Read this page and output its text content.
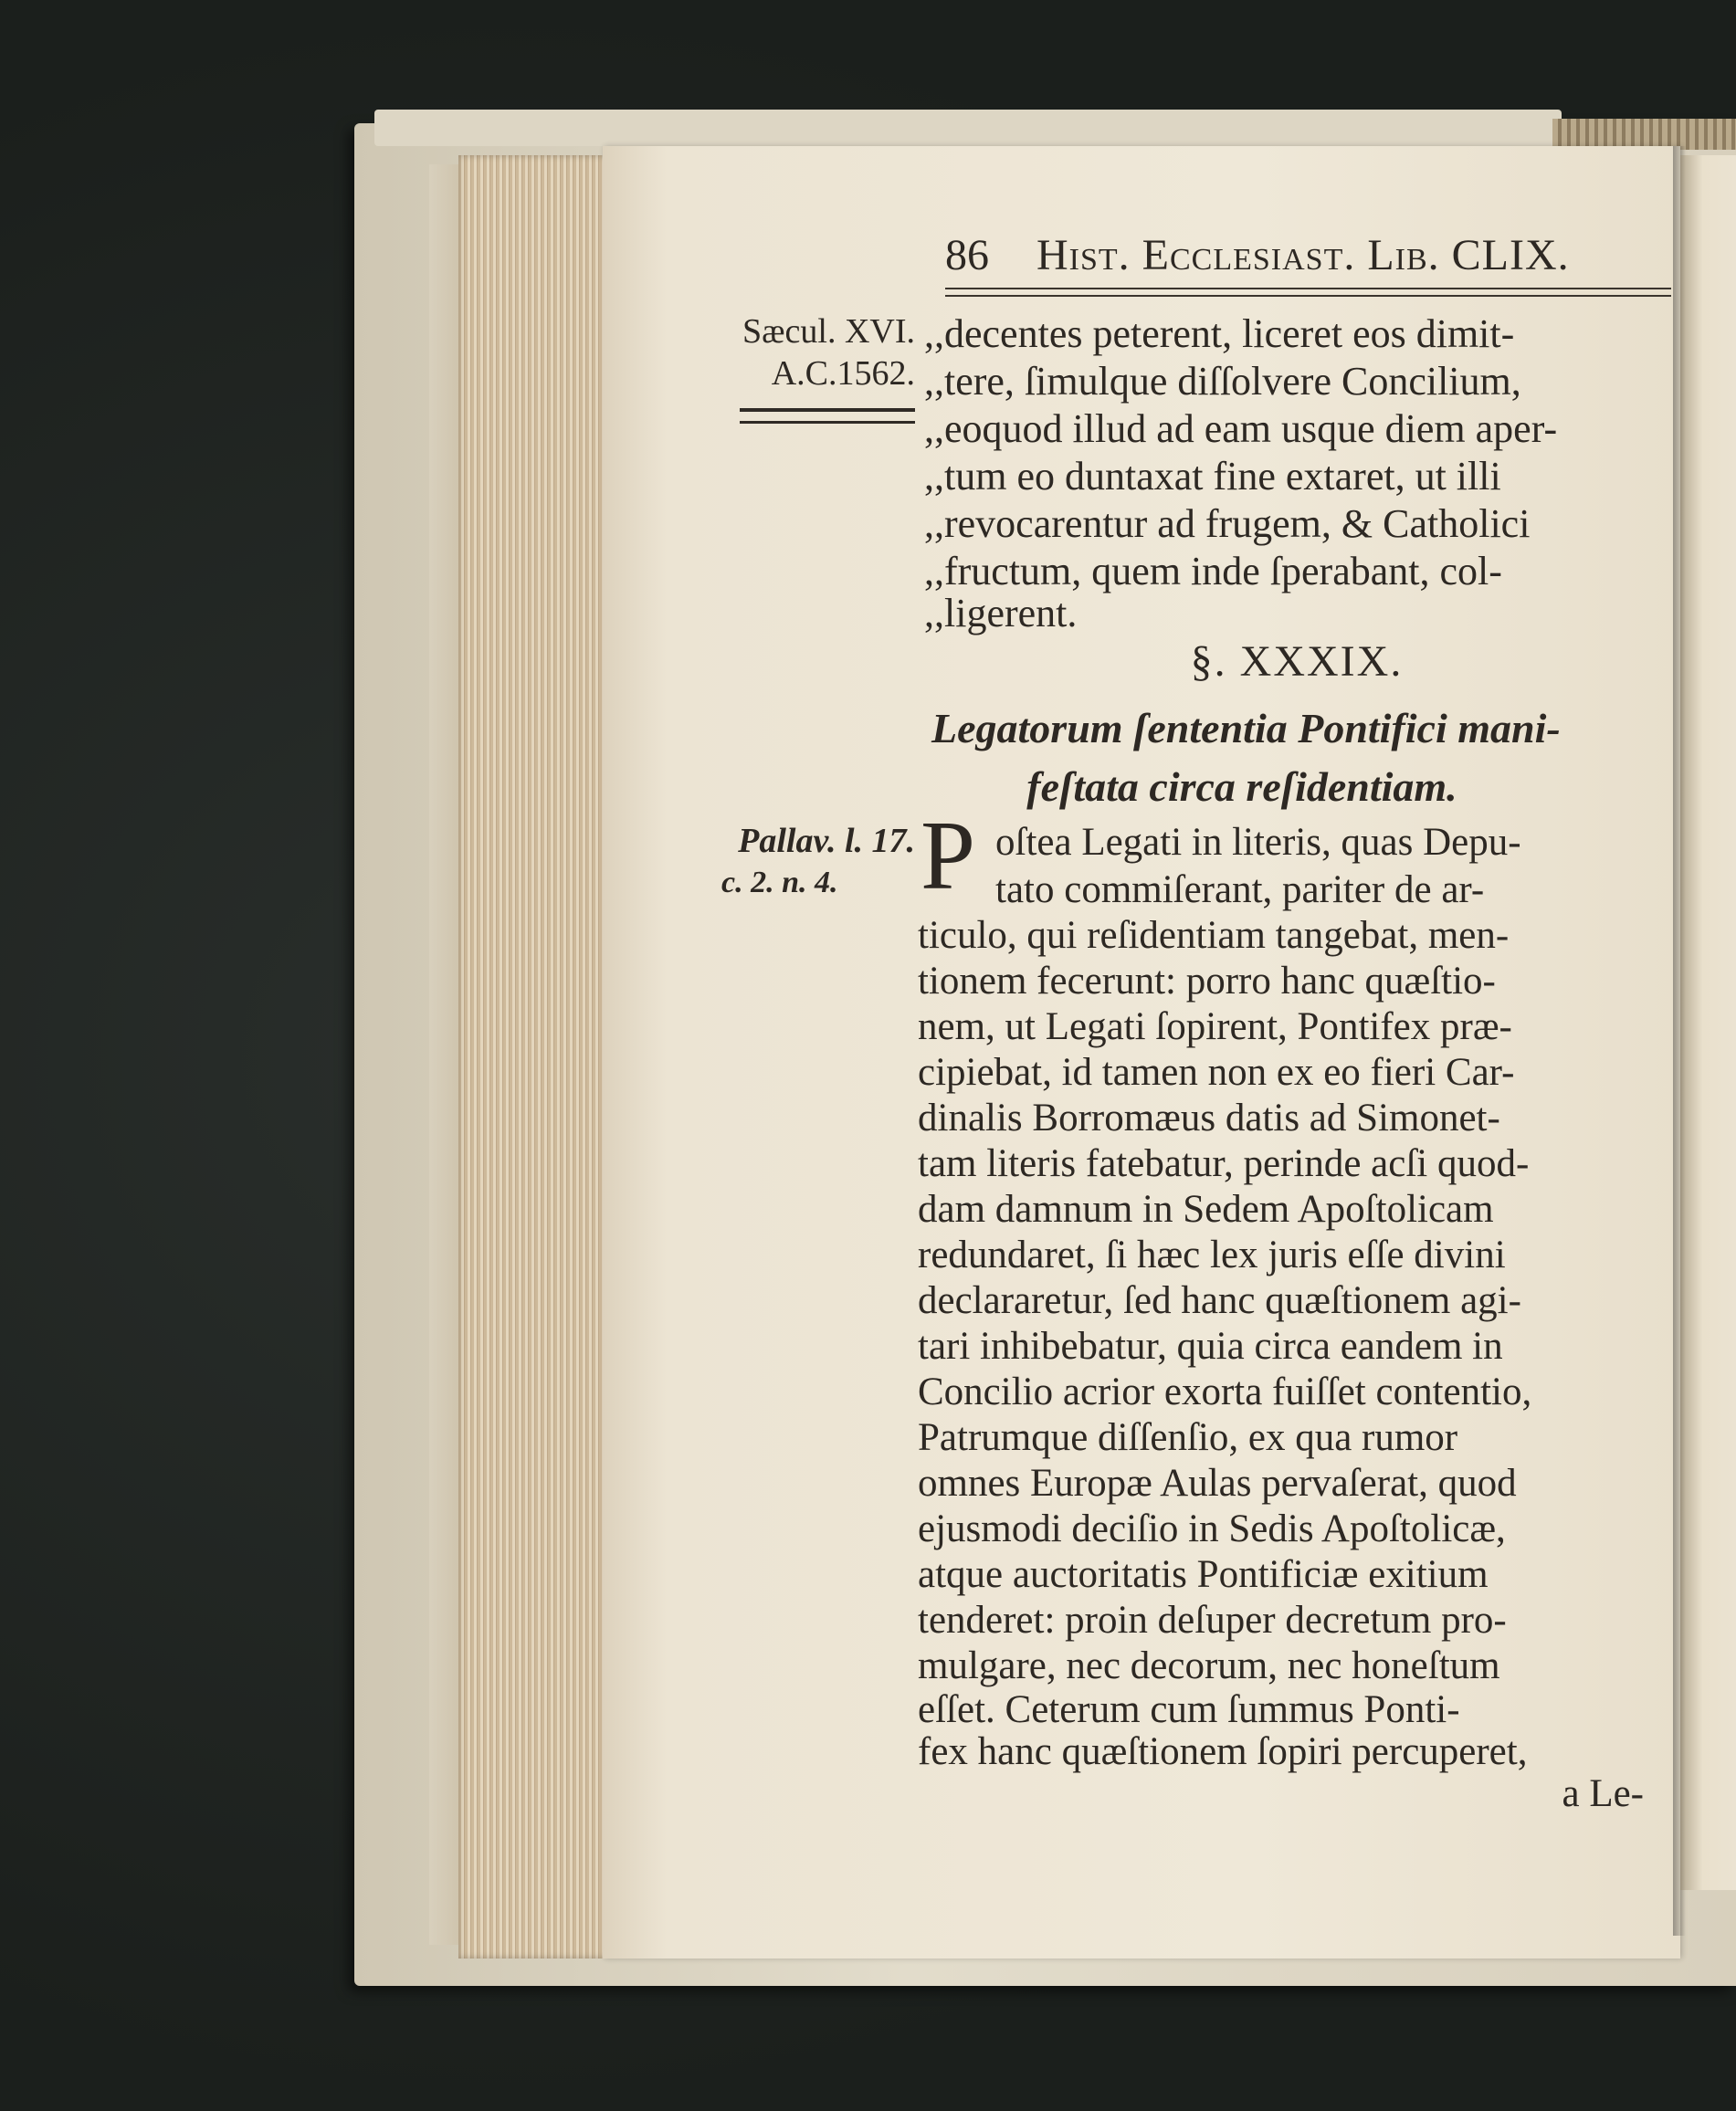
86 Hist. Ecclesiast. Lib. CLIX.
Sæcul. XVI.
A.C.1562.
Pallav. l. 17.
c. 2. n. 4.
,,decentes peterent, liceret eos dimit-
,,tere, ſimulque diſſolvere Concilium,
,,eoquod illud ad eam usque diem aper-
,,tum eo duntaxat fine extaret, ut illi
,,revocarentur ad frugem, & Catholici
,,fructum, quem inde ſperabant, col-
,,ligerent.
§. XXXIX.
Legatorum ſententia Pontifici mani-
feſtata circa reſidentiam.
P oſtea Legati in literis, quas Depu-
tato commiſerant, pariter de ar-
ticulo, qui reſidentiam tangebat, men-
tionem fecerunt: porro hanc quæſtio-
nem, ut Legati ſopirent, Pontifex præ-
cipiebat, id tamen non ex eo fieri Car-
dinalis Borromæus datis ad Simonet-
tam literis fatebatur, perinde acſi quod-
dam damnum in Sedem Apoſtolicam
redundaret, ſi hæc lex juris eſſe divini
declararetur, ſed hanc quæſtionem agi-
tari inhibebatur, quia circa eandem in
Concilio acrior exorta fuiſſet contentio,
Patrumque diſſenſio, ex qua rumor
omnes Europæ Aulas pervaſerat, quod
ejusmodi deciſio in Sedis Apoſtolicæ,
atque auctoritatis Pontificiæ exitium
tenderet: proin deſuper decretum pro-
mulgare, nec decorum, nec honeſtum
eſſet. Ceterum cum ſummus Ponti-
fex hanc quæſtionem ſopiri percuperet,
a Le-
